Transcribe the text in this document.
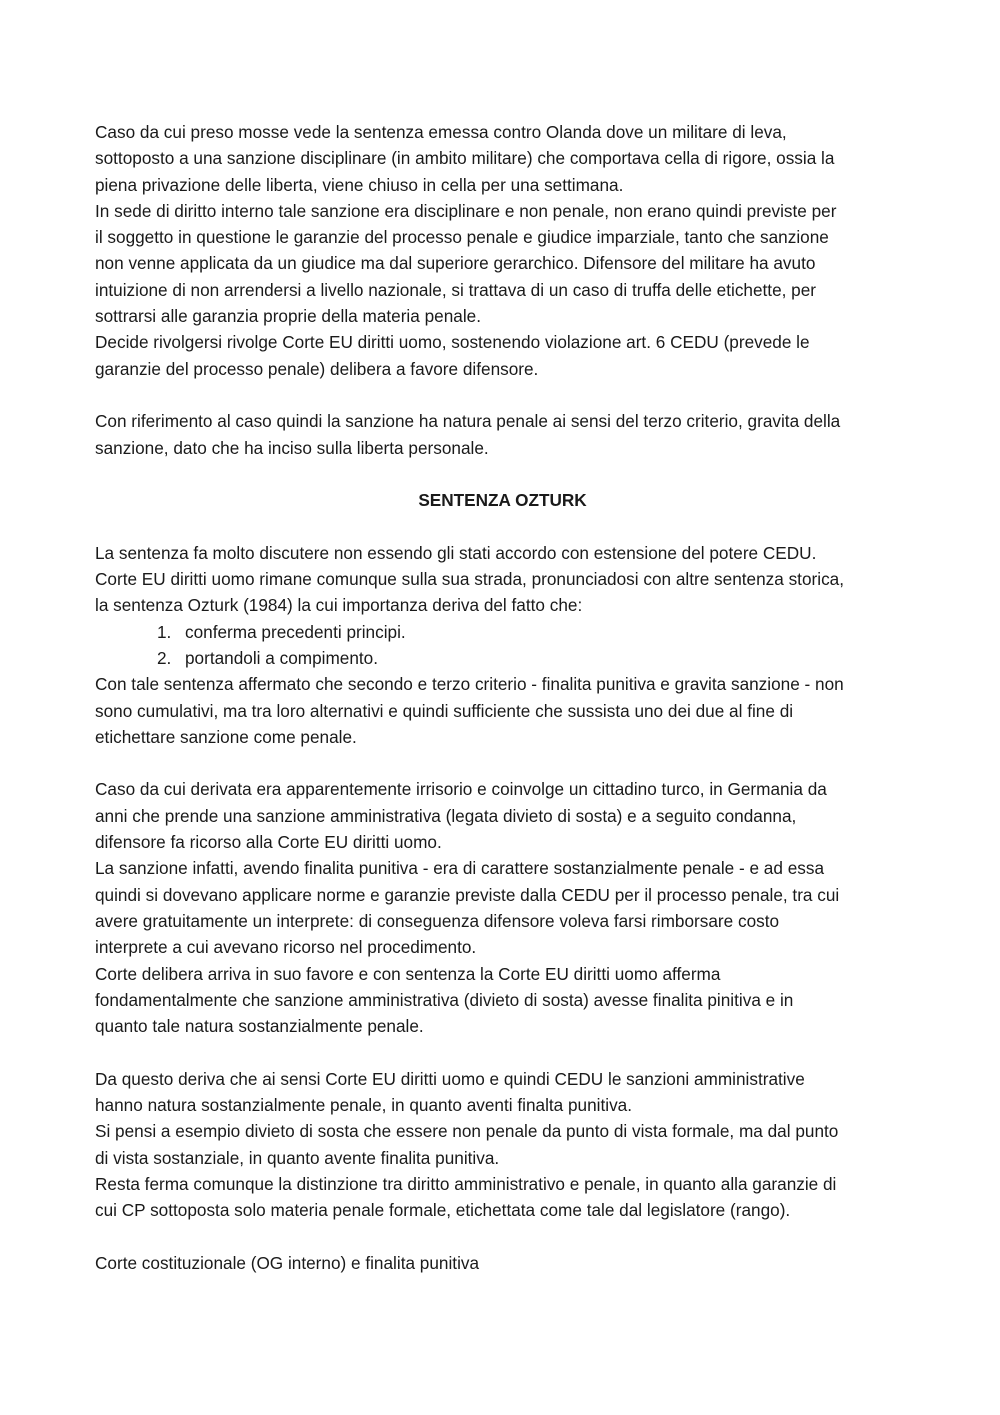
Caso da cui preso mosse vede la sentenza emessa contro Olanda dove un militare di leva,
sottoposto a una sanzione disciplinare (in ambito militare) che comportava cella di rigore, ossia la
piena privazione delle liberta, viene chiuso in cella per una settimana.
In sede di diritto interno tale sanzione era disciplinare e non penale, non erano quindi previste per
il soggetto in questione le garanzie del processo penale e giudice imparziale, tanto che sanzione
non venne applicata da un giudice ma dal superiore gerarchico. Difensore del militare ha avuto
intuizione di non arrendersi a livello nazionale, si trattava di un caso di truffa delle etichette, per
sottrarsi alle garanzia proprie della materia penale.
Decide rivolgersi rivolge Corte EU diritti uomo, sostenendo violazione art. 6 CEDU (prevede le
garanzie del processo penale) delibera a favore difensore.
Con riferimento al caso quindi la sanzione ha natura penale ai sensi del terzo criterio, gravita della
sanzione, dato che ha inciso sulla liberta personale.
SENTENZA OZTURK
La sentenza fa molto discutere non essendo gli stati accordo con estensione del potere CEDU.
Corte EU diritti uomo rimane comunque sulla sua strada, pronunciadosi con altre sentenza storica,
la sentenza Ozturk (1984) la cui importanza deriva del fatto che:
1. conferma precedenti principi.
2. portandoli a compimento.
Con tale sentenza affermato che secondo e terzo criterio - finalita punitiva e gravita sanzione - non
sono cumulativi, ma tra loro alternativi e quindi sufficiente che sussista uno dei due al fine di
etichettare sanzione come penale.
Caso da cui derivata era apparentemente irrisorio e coinvolge un cittadino turco, in Germania da
anni che prende una sanzione amministrativa (legata divieto di sosta) e a seguito condanna,
difensore fa ricorso alla Corte EU diritti uomo.
La sanzione infatti, avendo finalita punitiva - era di carattere sostanzialmente penale - e ad essa
quindi si dovevano applicare norme e garanzie previste dalla CEDU per il processo penale, tra cui
avere gratuitamente un interprete: di conseguenza difensore voleva farsi rimborsare costo
interprete a cui avevano ricorso nel procedimento.
Corte delibera arriva in suo favore e con sentenza la Corte EU diritti uomo afferma
fondamentalmente che sanzione amministrativa (divieto di sosta) avesse finalita pinitiva e in
quanto tale natura sostanzialmente penale.
Da questo deriva che ai sensi Corte EU diritti uomo e quindi CEDU le sanzioni amministrative
hanno natura sostanzialmente penale, in quanto aventi finalta punitiva.
Si pensi a esempio divieto di sosta che essere non penale da punto di vista formale, ma dal punto
di vista sostanziale, in quanto avente finalita punitiva.
Resta ferma comunque la distinzione tra diritto amministrativo e penale, in quanto alla garanzie di
cui CP sottoposta solo materia penale formale, etichettata come tale dal legislatore (rango).
Corte costituzionale (OG interno) e finalita punitiva
